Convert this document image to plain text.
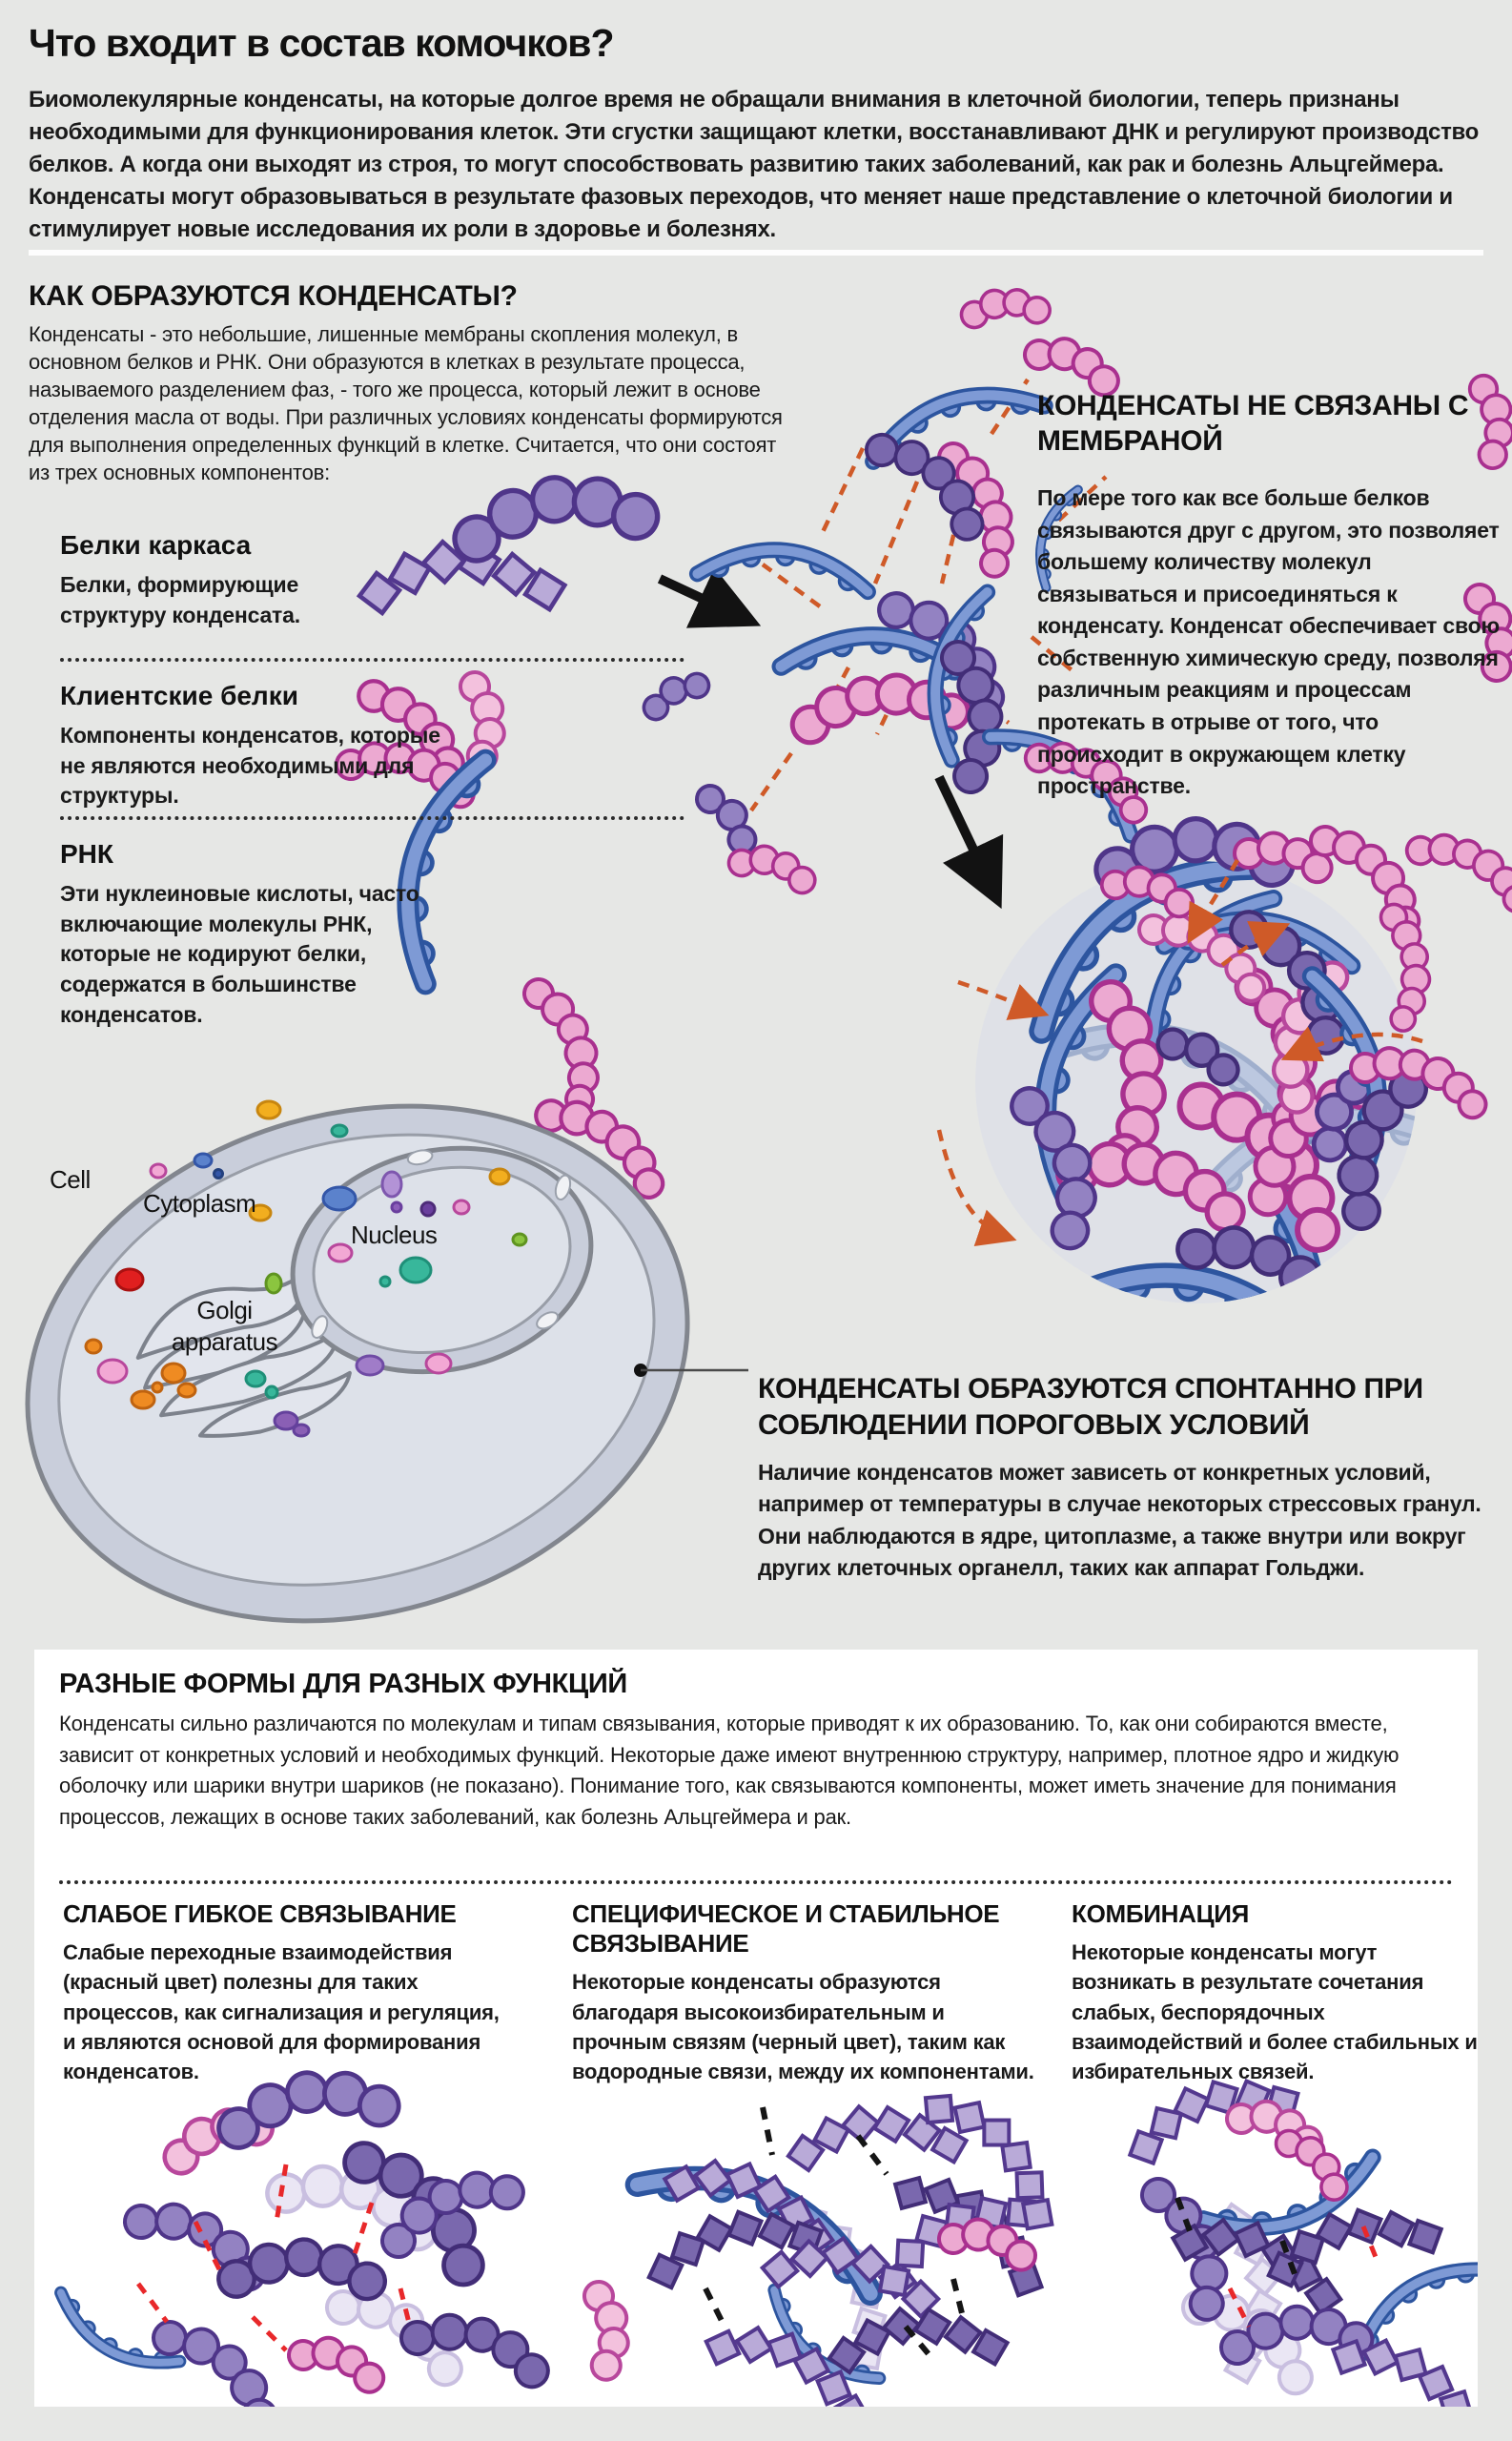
Что входит в состав комочков?
Биомолекулярные конденсаты, на которые долгое время не обращали внимания в клеточной биологии, теперь признаны необходимыми для функционирования клеток. Эти сгустки защищают клетки, восстанавливают ДНК и регулируют производство белков. А когда они выходят из строя, то могут способствовать развитию таких заболеваний, как рак и болезнь Альцгеймера. Конденсаты могут образовываться в результате фазовых переходов, что меняет наше представление о клеточной биологии и стимулирует новые исследования их роли в здоровье и болезнях.
КАК ОБРАЗУЮТСЯ КОНДЕНСАТЫ?
Конденсаты - это небольшие, лишенные мембраны скопления молекул, в основном белков и РНК. Они образуются в клетках в результате процесса, называемого разделением фаз, - того же процесса, который лежит в основе отделения масла от воды. При различных условиях конденсаты формируются для выполнения определенных функций в клетке. Считается, что они состоят из трех основных компонентов:
Белки каркаса
Белки, формирующие структуру конденсата.
Клиентские белки
Компоненты конденсатов, которые не являются необходимыми для структуры.
РНК
Эти нуклеиновые кислоты, часто включающие молекулы РНК, которые не кодируют белки, содержатся в большинстве конденсатов.
КОНДЕНСАТЫ НЕ СВЯЗАНЫ С МЕМБРАНОЙ
По мере того как все больше белков связываются друг с другом, это позволяет большему количеству молекул связываться и присоединяться к конденсату. Конденсат обеспечивает свою собственную химическую среду, позволяя различным реакциям и процессам протекать в отрыве от того, что происходит в окружающем клетку пространстве.
Cell
Cytoplasm
Nucleus
Golgi apparatus
КОНДЕНСАТЫ ОБРАЗУЮТСЯ СПОНТАННО ПРИ СОБЛЮДЕНИИ ПОРОГОВЫХ УСЛОВИЙ
Наличие конденсатов может зависеть от конкретных условий, например от температуры в случае некоторых стрессовых гранул. Они наблюдаются в ядре, цитоплазме, а также внутри или вокруг других клеточных органелл, таких как аппарат Гольджи.
РАЗНЫЕ ФОРМЫ ДЛЯ РАЗНЫХ ФУНКЦИЙ
Конденсаты сильно различаются по молекулам и типам связывания, которые приводят к их образованию. То, как они собираются вместе, зависит от конкретных условий и необходимых функций. Некоторые даже имеют внутреннюю структуру, например, плотное ядро и жидкую оболочку или шарики внутри шариков (не показано). Понимание того, как связываются компоненты, может иметь значение для понимания процессов, лежащих в основе таких заболеваний, как болезнь Альцгеймера и рак.
СЛАБОЕ ГИБКОЕ СВЯЗЫВАНИЕ
Слабые переходные взаимодействия (красный цвет) полезны для таких процессов, как сигнализация и регуляция, и являются основой для формирования конденсатов.
СПЕЦИФИЧЕСКОЕ И СТАБИЛЬНОЕ СВЯЗЫВАНИЕ
Некоторые конденсаты образуются благодаря высокоизбирательным и прочным связям (черный цвет), таким как водородные связи, между их компонентами.
КОМБИНАЦИЯ
Некоторые конденсаты могут возникать в результате сочетания слабых, беспорядочных взаимодействий и более стабильных и избирательных связей.
